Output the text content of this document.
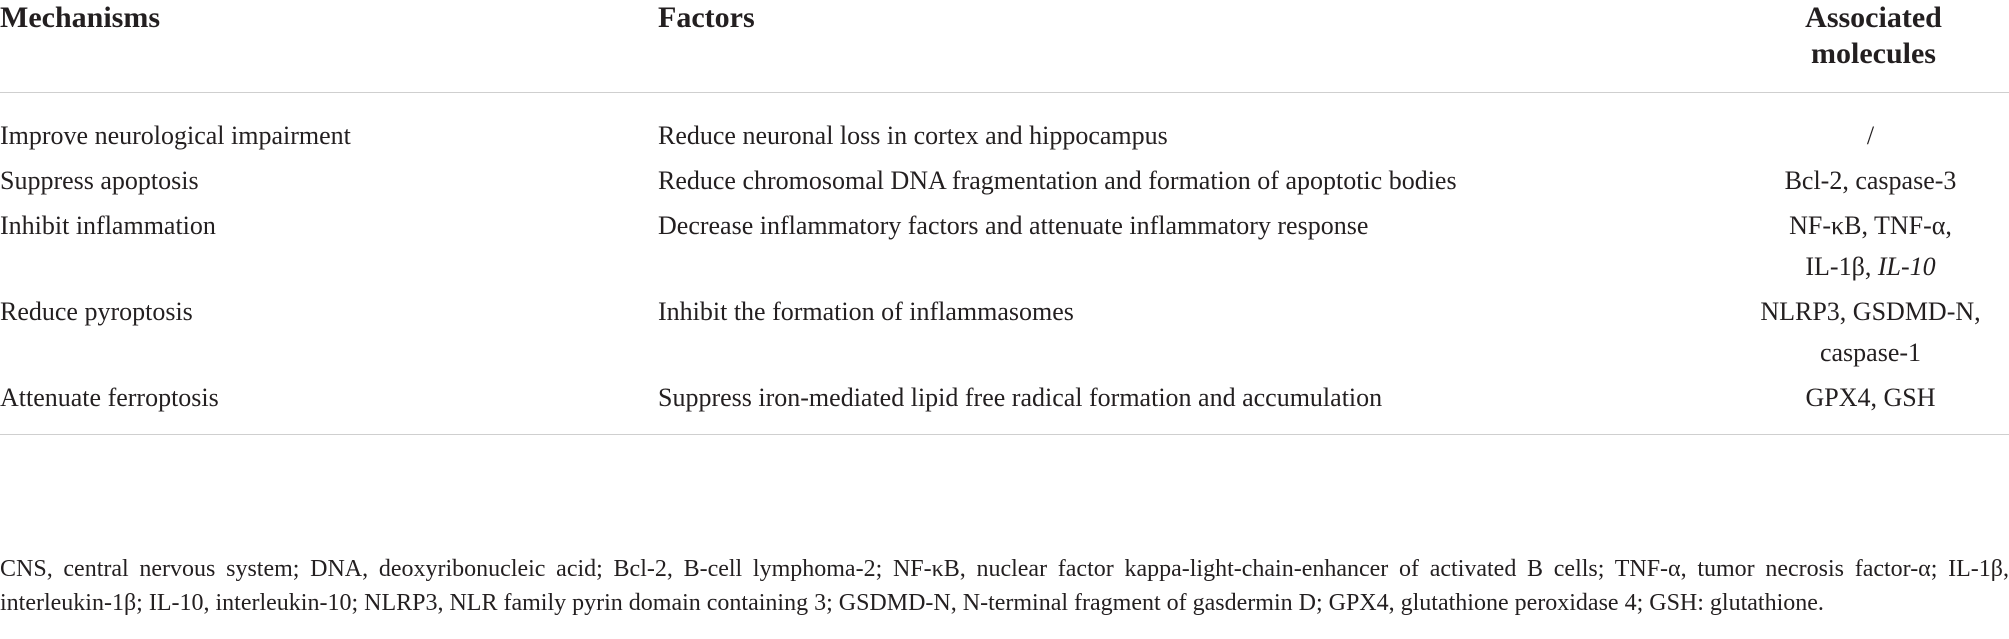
Mechanisms	Factors	Associated
molecules

Improve neurological impairment	Reduce neuronal loss in cortex and hippocampus	/

Suppress apoptosis	Reduce chromosomal DNA fragmentation and formation of apoptotic bodies	Bcl-2, caspase-3

Inhibit inflammation	Decrease inflammatory factors and attenuate inflammatory response	NF-κB, TNF-α,
IL-1β, IL-10

Reduce pyroptosis	Inhibit the formation of inflammasomes	NLRP3, GSDMD-N,
caspase-1

Attenuate ferroptosis	Suppress iron-mediated lipid free radical formation and accumulation	GPX4, GSH

CNS, central nervous system; DNA, deoxyribonucleic acid; Bcl-2, B-cell lymphoma-2; NF-κB, nuclear factor kappa-light-chain-enhancer of activated B cells; TNF-α, tumor necrosis factor-α; IL-1β, interleukin-1β; IL-10, interleukin-10; NLRP3, NLR family pyrin domain containing 3; GSDMD-N, N-terminal fragment of gasdermin D; GPX4, glutathione peroxidase 4; GSH: glutathione.
